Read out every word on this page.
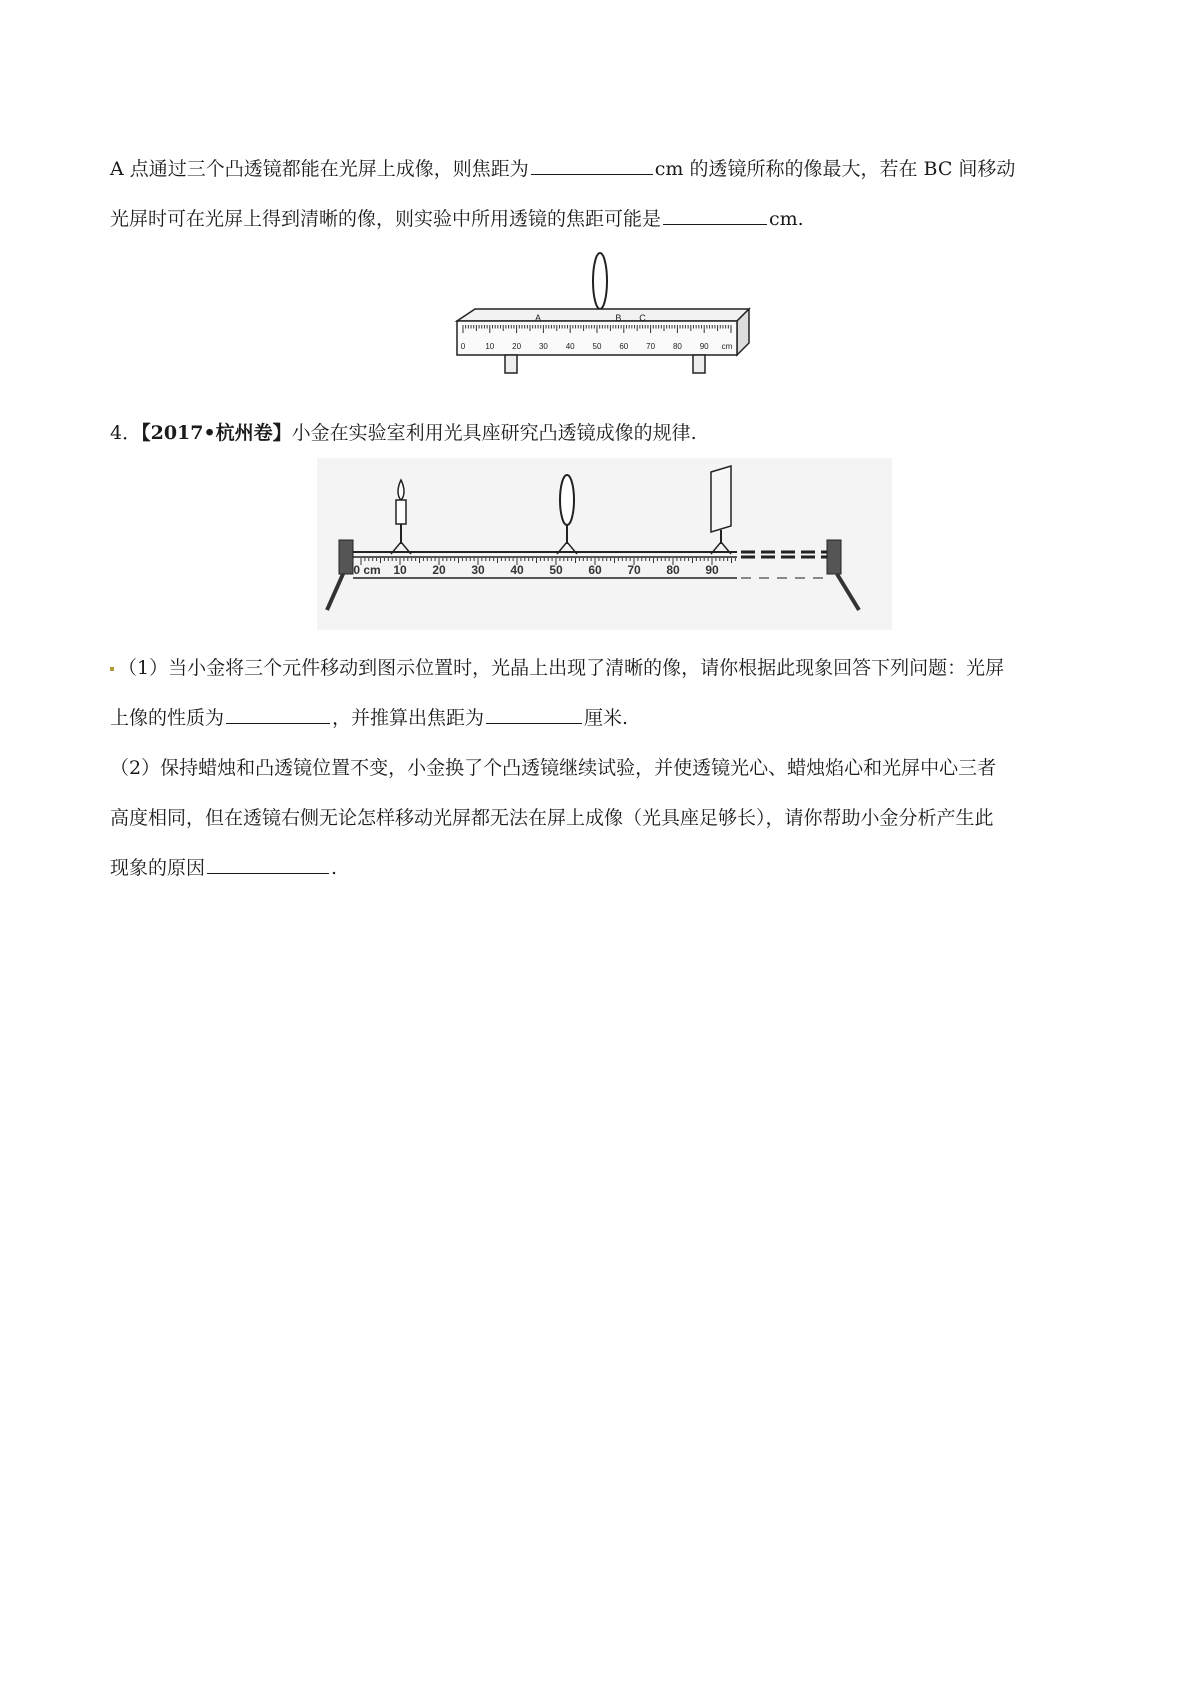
A 点通过三个凸透镜都能在光屏上成像，则焦距为	cm 的透镜所称的像最大，若在 BC 间移动
光屏时可在光屏上得到清晰的像，则实验中所用透镜的焦距可能是	cm.
A	B C
0	10 20 30 40 50 60 70 80 90 cm
4．【2017•杭州卷】小金在实验室利用光具座研究凸透镜成像的规律.
0 cm 10 20 30 40 50 60 70 80 90
（1）当小金将三个元件移动到图示位置时，光晶上出现了清晰的像，请你根据此现象回答下列问题：光屏
上像的性质为	，并推算出焦距为	厘米.
（2）保持蜡烛和凸透镜位置不变，小金换了个凸透镜继续试验，并使透镜光心、蜡烛焰心和光屏中心三者
高度相同，但在透镜右侧无论怎样移动光屏都无法在屏上成像（光具座足够长），请你帮助小金分析产生此
现象的原因	.
